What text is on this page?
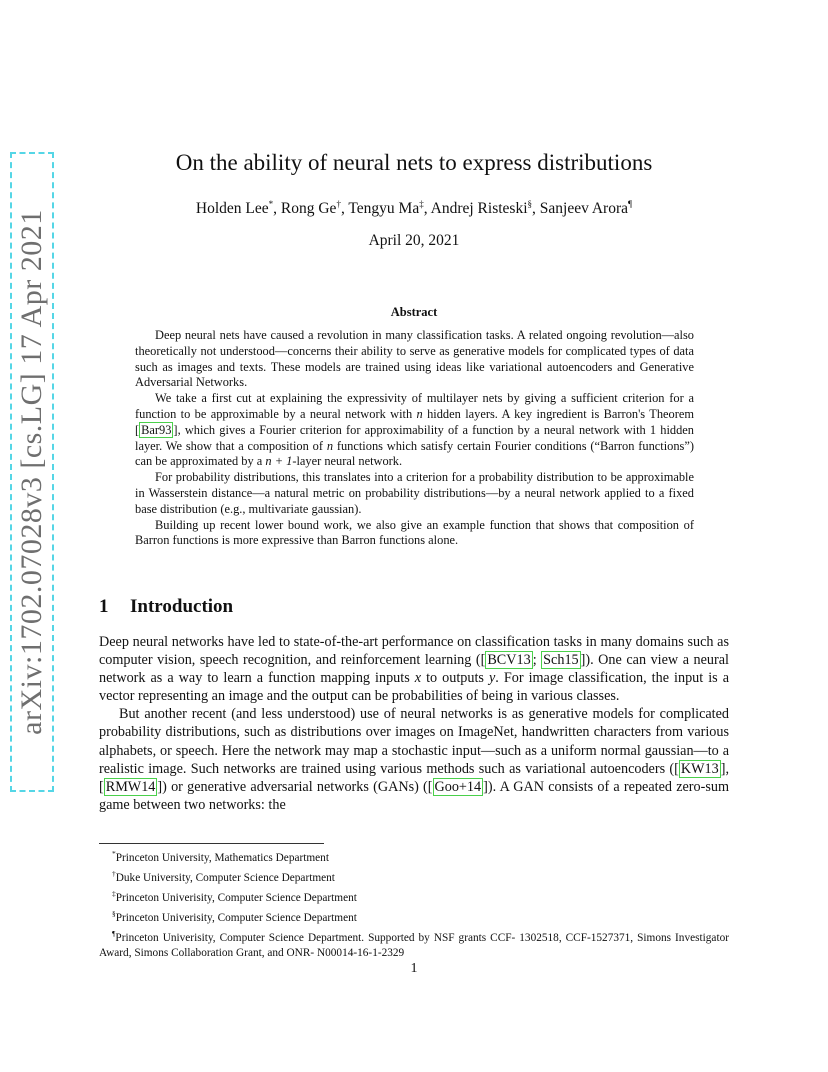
arXiv:1702.07028v3 [cs.LG] 17 Apr 2021
On the ability of neural nets to express distributions
Holden Lee*, Rong Ge†, Tengyu Ma‡, Andrej Risteski§, Sanjeev Arora¶
April 20, 2021
Abstract

Deep neural nets have caused a revolution in many classification tasks. A related ongoing revolution—also theoretically not understood—concerns their ability to serve as generative models for complicated types of data such as images and texts. These models are trained using ideas like variational autoencoders and Generative Adversarial Networks.

We take a first cut at explaining the expressivity of multilayer nets by giving a sufficient criterion for a function to be approximable by a neural network with n hidden layers. A key ingredient is Barron's Theorem [ Bar93 ], which gives a Fourier criterion for approximability of a function by a neural network with 1 hidden layer. We show that a composition of n functions which satisfy certain Fourier conditions (“Barron functions”) can be approximated by a n + 1-layer neural network.

For probability distributions, this translates into a criterion for a probability distribution to be approximable in Wasserstein distance—a natural metric on probability distributions—by a neural network applied to a fixed base distribution (e.g., multivariate gaussian).

Building up recent lower bound work, we also give an example function that shows that composition of Barron functions is more expressive than Barron functions alone.

1 Introduction

Deep neural networks have led to state-of-the-art performance on classification tasks in many domains such as computer vision, speech recognition, and reinforcement learning ([ BCV13 ; Sch15 ]). One can view a neural network as a way to learn a function mapping inputs x to outputs y. For image classification, the input is a vector representing an image and the output can be probabilities of being in various classes.

But another recent (and less understood) use of neural networks is as generative models for complicated probability distributions, such as distributions over images on ImageNet, handwritten characters from various alphabets, or speech. Here the network may map a stochastic input—such as a uniform normal gaussian—to a realistic image. Such networks are trained using various methods such as variational autoencoders ([ KW13 ], [ RMW14 ]) or generative adversarial networks (GANs) ([ Goo+14 ]). A GAN consists of a repeated zero-sum game between two networks: the

*Princeton University, Mathematics Department

†Duke University, Computer Science Department

‡Princeton Univerisity, Computer Science Department

§Princeton Univerisity, Computer Science Department

¶Princeton Univerisity, Computer Science Department. Supported by NSF grants CCF- 1302518, CCF-1527371, Simons Investigator Award, Simons Collaboration Grant, and ONR- N00014-16-1-2329

1
